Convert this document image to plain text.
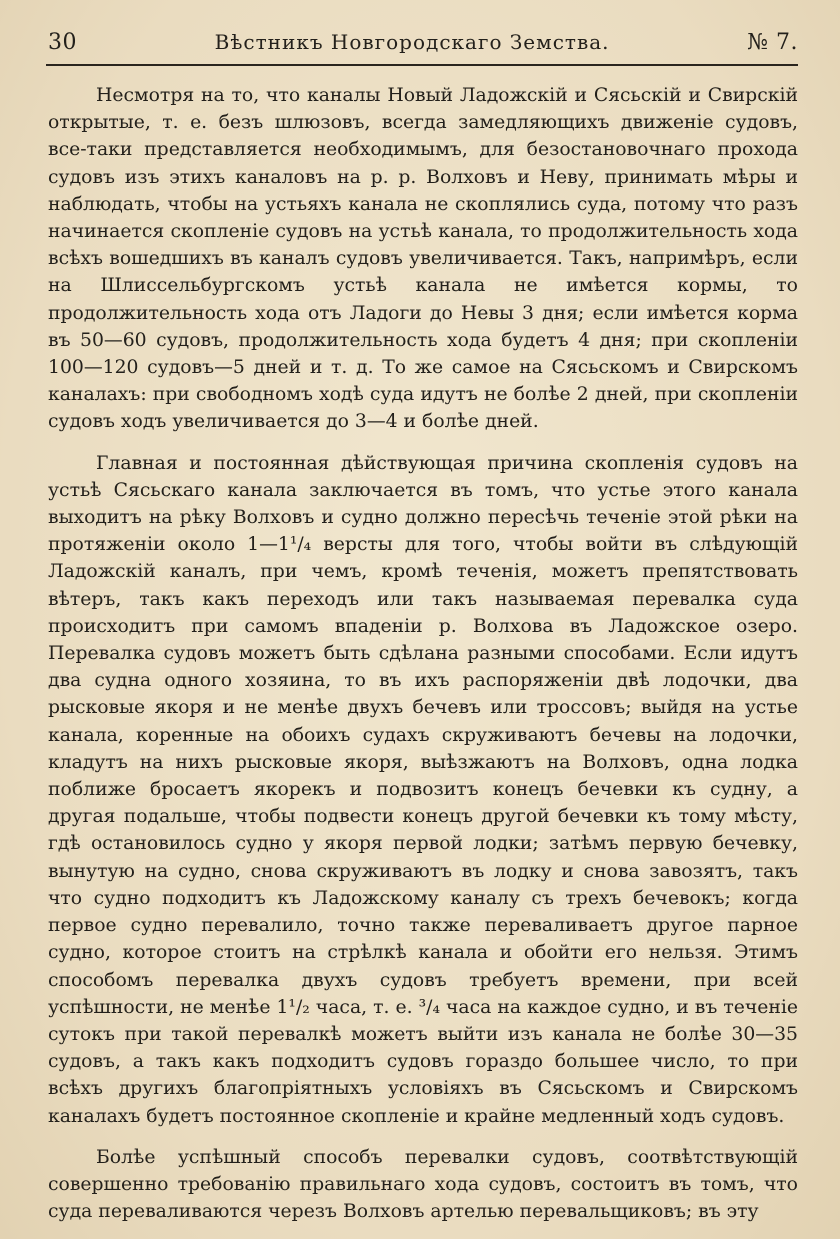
30	Вѣстникъ Новгородскаго Земства.	№ 7.

Несмотря на то, что каналы Новый Ладожскій и Сясьскій и Свирскій открытые, т. е. безъ шлюзовъ, всегда замедляющихъ движеніе судовъ, все-таки представляется необходимымъ, для безостановочнаго прохода судовъ изъ этихъ каналовъ на р. р. Волховъ и Неву, принимать мѣры и наблюдать, чтобы на устьяхъ канала не скоплялись суда, потому что разъ начинается скопленіе судовъ на устьѣ канала, то продолжительность хода всѣхъ вошедшихъ въ каналъ судовъ увеличивается. Такъ, напримѣръ, если на Шлиссельбургскомъ устьѣ канала не имѣется кормы, то продолжительность хода отъ Ладоги до Невы 3 дня; если имѣется корма въ 50—60 судовъ, продолжительность хода будетъ 4 дня; при скопленіи 100—120 судовъ—5 дней и т. д. То же самое на Сясьскомъ и Свирскомъ каналахъ: при свободномъ ходѣ суда идутъ не болѣе 2 дней, при скопленіи судовъ ходъ увеличивается до 3—4 и болѣе дней.

Главная и постоянная дѣйствующая причина скопленія судовъ на устьѣ Сясьскаго канала заключается въ томъ, что устье этого канала выходитъ на рѣку Волховъ и судно должно пересѣчь теченіе этой рѣки на протяженіи около 1—1¹/₄ версты для того, чтобы войти въ слѣдующій Ладожскій каналъ, при чемъ, кромѣ теченія, можетъ препятствовать вѣтеръ, такъ какъ переходъ или такъ называемая перевалка суда происходитъ при самомъ впаденіи р. Волхова въ Ладожское озеро. Перевалка судовъ можетъ быть сдѣлана разными способами. Если идутъ два судна одного хозяина, то въ ихъ распоряженіи двѣ лодочки, два рысковые якоря и не менѣе двухъ бечевъ или троссовъ; выйдя на устье канала, коренные на обоихъ судахъ скруживаютъ бечевы на лодочки, кладутъ на нихъ рысковые якоря, выѣзжаютъ на Волховъ, одна лодка поближе бросаетъ якорекъ и подвозитъ конецъ бечевки къ судну, а другая подальше, чтобы подвести конецъ другой бечевки къ тому мѣсту, гдѣ остановилось судно у якоря первой лодки; затѣмъ первую бечевку, вынутую на судно, снова скруживаютъ въ лодку и снова завозятъ, такъ что судно подходитъ къ Ладожскому каналу съ трехъ бечевокъ; когда первое судно перевалило, точно также переваливаетъ другое парное судно, которое стоитъ на стрѣлкѣ канала и обойти его нельзя. Этимъ способомъ перевалка двухъ судовъ требуетъ времени, при всей успѣшности, не менѣе 1¹/₂ часа, т. е. ³/₄ часа на каждое судно, и въ теченіе сутокъ при такой перевалкѣ можетъ выйти изъ канала не болѣе 30—35 судовъ, а такъ какъ подходитъ судовъ гораздо большее число, то при всѣхъ другихъ благопріятныхъ условіяхъ въ Сясьскомъ и Свирскомъ каналахъ будетъ постоянное скопленіе и крайне медленный ходъ судовъ.

Болѣе успѣшный способъ перевалки судовъ, соотвѣтствующій совершенно требованію правильнаго хода судовъ, состоитъ въ томъ, что суда переваливаются черезъ Волховъ артелью перевальщиковъ; въ эту
